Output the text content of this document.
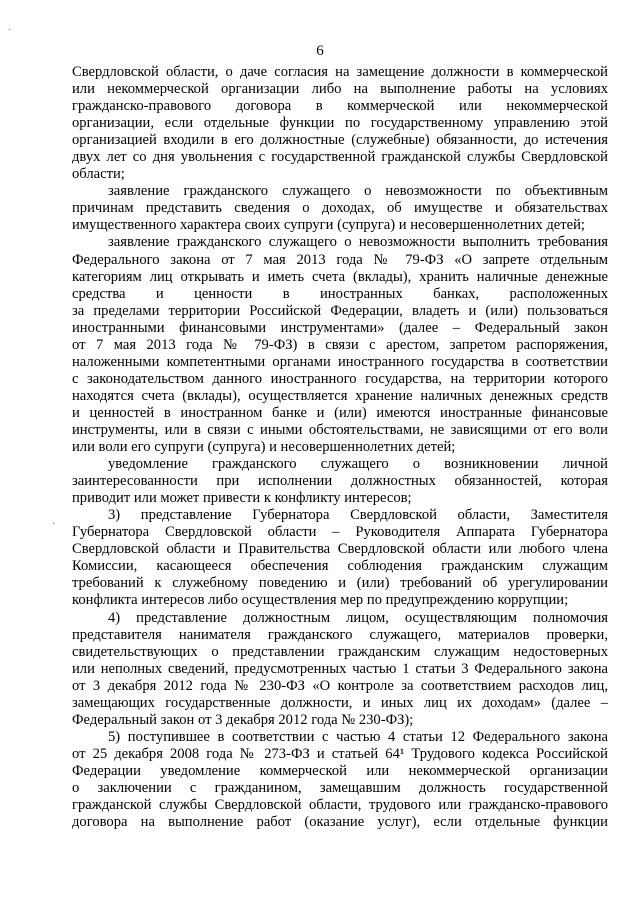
·
·
6
Свердловской области, о даче согласия на замещение должности в коммерческой
или некоммерческой организации либо на выполнение работы на условиях
гражданско-правового договора в коммерческой или некоммерческой
организации, если отдельные функции по государственному управлению этой
организацией входили в его должностные (служебные) обязанности, до истечения
двух лет со дня увольнения с государственной гражданской службы Свердловской
области;
заявление гражданского служащего о невозможности по объективным
причинам представить сведения о доходах, об имуществе и обязательствах
имущественного характера своих супруги (супруга) и несовершеннолетних детей;
заявление гражданского служащего о невозможности выполнить требования
Федерального закона от 7 мая 2013 года № 79-ФЗ «О запрете отдельным
категориям лиц открывать и иметь счета (вклады), хранить наличные денежные
средства и ценности в иностранных банках, расположенных
за пределами территории Российской Федерации, владеть и (или) пользоваться
иностранными финансовыми инструментами» (далее – Федеральный закон
от 7 мая 2013 года № 79-ФЗ) в связи с арестом, запретом распоряжения,
наложенными компетентными органами иностранного государства в соответствии
с законодательством данного иностранного государства, на территории которого
находятся счета (вклады), осуществляется хранение наличных денежных средств
и ценностей в иностранном банке и (или) имеются иностранные финансовые
инструменты, или в связи с иными обстоятельствами, не зависящими от его воли
или воли его супруги (супруга) и несовершеннолетних детей;
уведомление гражданского служащего о возникновении личной
заинтересованности при исполнении должностных обязанностей, которая
приводит или может привести к конфликту интересов;
3) представление Губернатора Свердловской области, Заместителя
Губернатора Свердловской области – Руководителя Аппарата Губернатора
Свердловской области и Правительства Свердловской области или любого члена
Комиссии, касающееся обеспечения соблюдения гражданским служащим
требований к служебному поведению и (или) требований об урегулировании
конфликта интересов либо осуществления мер по предупреждению коррупции;
4) представление должностным лицом, осуществляющим полномочия
представителя нанимателя гражданского служащего, материалов проверки,
свидетельствующих о представлении гражданским служащим недостоверных
или неполных сведений, предусмотренных частью 1 статьи 3 Федерального закона
от 3 декабря 2012 года № 230-ФЗ «О контроле за соответствием расходов лиц,
замещающих государственные должности, и иных лиц их доходам» (далее –
Федеральный закон от 3 декабря 2012 года № 230-ФЗ);
5) поступившее в соответствии с частью 4 статьи 12 Федерального закона
от 25 декабря 2008 года № 273-ФЗ и статьей 64¹ Трудового кодекса Российской
Федерации уведомление коммерческой или некоммерческой организации
о заключении с гражданином, замещавшим должность государственной
гражданской службы Свердловской области, трудового или гражданско-правового
договора на выполнение работ (оказание услуг), если отдельные функции
